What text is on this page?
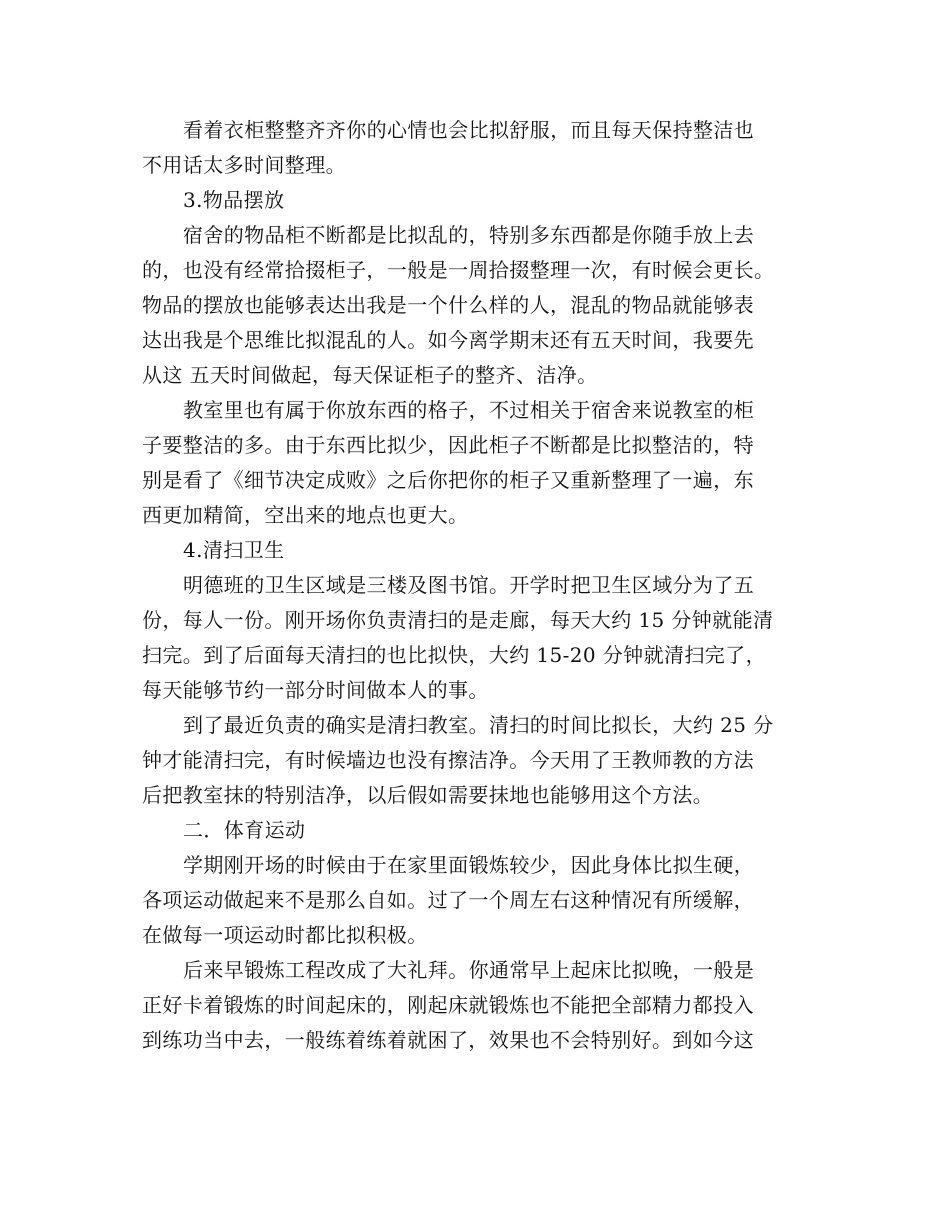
看着衣柜整整齐齐你的心情也会比拟舒服，而且每天保持整洁也
不用话太多时间整理。
3.物品摆放
宿舍的物品柜不断都是比拟乱的，特别多东西都是你随手放上去
的，也没有经常拾掇柜子，一般是一周拾掇整理一次，有时候会更长。
物品的摆放也能够表达出我是一个什么样的人，混乱的物品就能够表
达出我是个思维比拟混乱的人。如今离学期末还有五天时间，我要先
从这 五天时间做起，每天保证柜子的整齐、洁净。
教室里也有属于你放东西的格子，不过相关于宿舍来说教室的柜
子要整洁的多。由于东西比拟少，因此柜子不断都是比拟整洁的，特
别是看了《细节决定成败》之后你把你的柜子又重新整理了一遍，东
西更加精简，空出来的地点也更大。
4.清扫卫生
明德班的卫生区域是三楼及图书馆。开学时把卫生区域分为了五
份，每人一份。刚开场你负责清扫的是走廊，每天大约 15 分钟就能清
扫完。到了后面每天清扫的也比拟快，大约 15-20 分钟就清扫完了，
每天能够节约一部分时间做本人的事。
到了最近负责的确实是清扫教室。清扫的时间比拟长，大约 25 分
钟才能清扫完，有时候墙边也没有擦洁净。今天用了王教师教的方法
后把教室抹的特别洁净，以后假如需要抹地也能够用这个方法。
二．体育运动
学期刚开场的时候由于在家里面锻炼较少，因此身体比拟生硬，
各项运动做起来不是那么自如。过了一个周左右这种情况有所缓解，
在做每一项运动时都比拟积极。
后来早锻炼工程改成了大礼拜。你通常早上起床比拟晚，一般是
正好卡着锻炼的时间起床的，刚起床就锻炼也不能把全部精力都投入
到练功当中去，一般练着练着就困了，效果也不会特别好。到如今这
